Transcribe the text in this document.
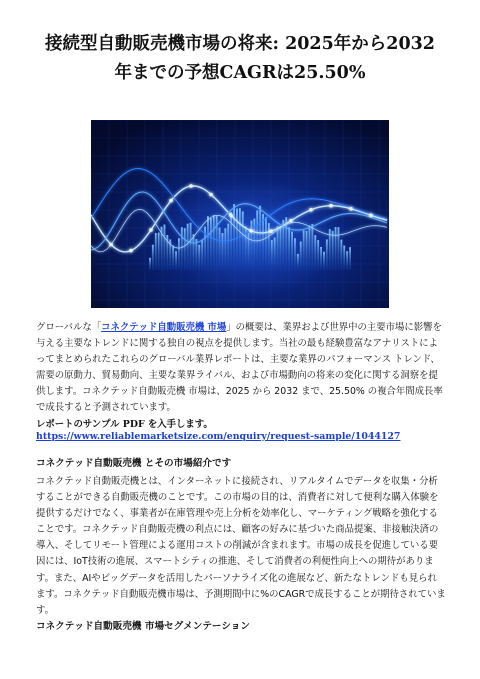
接続型自動販売機市場の将来: 2025年から2032
年までの予想CAGRは25.50%

グローバルな「コネクテッド自動販売機 市場」の概要は、業界および世界中の主要市場に影響を与える主要なトレンドに関する独自の視点を提供します。当社の最も経験豊富なアナリストによってまとめられたこれらのグローバル業界レポートは、主要な業界のパフォーマンス トレンド、需要の原動力、貿易動向、主要な業界ライバル、および市場動向の将来の変化に関する洞察を提供します。コネクテッド自動販売機 市場は、2025 から 2032 まで、25.50% の複合年間成長率で成長すると予測されています。

レポートのサンプル PDF を入手します。https://www.reliablemarketsize.com/enquiry/request-sample/1044127

コネクテッド自動販売機 とその市場紹介です

コネクテッド自動販売機とは、インターネットに接続され、リアルタイムでデータを収集・分析することができる自動販売機のことです。この市場の目的は、消費者に対して便利な購入体験を提供するだけでなく、事業者が在庫管理や売上分析を効率化し、マーケティング戦略を強化することです。コネクテッド自動販売機の利点には、顧客の好みに基づいた商品提案、非接触決済の導入、そしてリモート管理による運用コストの削減が含まれます。市場の成長を促進している要因には、IoT技術の進展、スマートシティの推進、そして消費者の利便性向上への期待があります。また、AIやビッグデータを活用したパーソナライズ化の進展など、新たなトレンドも見られます。コネクテッド自動販売機市場は、予測期間中に%のCAGRで成長することが期待されています。

コネクテッド自動販売機 市場セグメンテーション
